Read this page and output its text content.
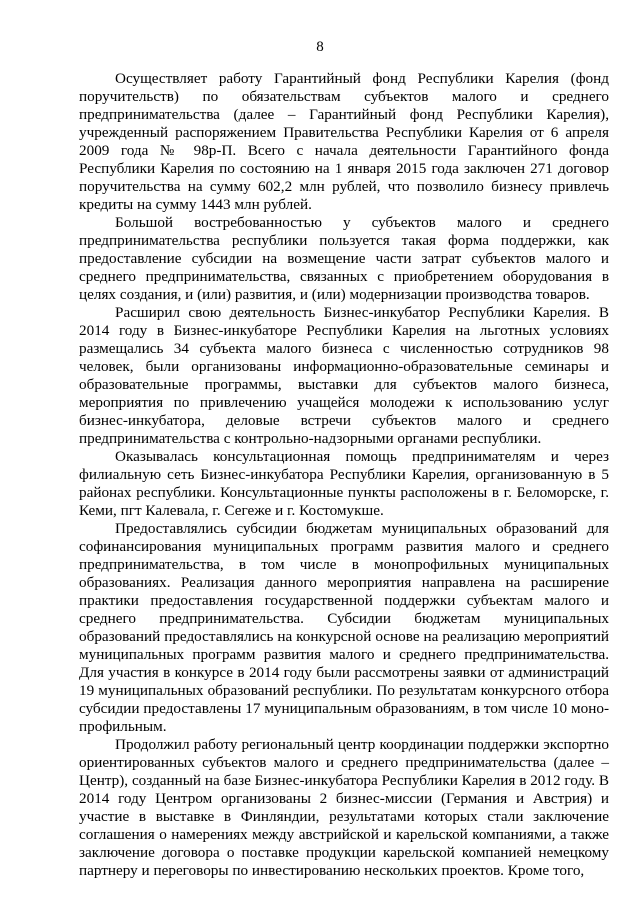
8

Осуществляет работу Гарантийный фонд Республики Карелия (фонд поручительств) по обязательствам субъектов малого и среднего предпринимательства (далее – Гарантийный фонд Республики Карелия), учрежденный распоряжением Правительства Республики Карелия от 6 апреля 2009 года № 98р-П. Всего с начала деятельности Гарантийного фонда Республики Карелия по состоянию на 1 января 2015 года заключен 271 договор поручительства на сумму 602,2 млн рублей, что позволило бизнесу привлечь кредиты на сумму 1443 млн рублей.

Большой востребованностью у субъектов малого и среднего предпринимательства республики пользуется такая форма поддержки, как предоставление субсидии на возмещение части затрат субъектов малого и среднего предпринимательства, связанных с приобретением оборудования в целях создания, и (или) развития, и (или) модернизации производства товаров.

Расширил свою деятельность Бизнес-инкубатор Республики Карелия. В 2014 году в Бизнес-инкубаторе Республики Карелия на льготных условиях размещались 34 субъекта малого бизнеса с численностью сотрудников 98 человек, были организованы информационно-образовательные семинары и образовательные программы, выставки для субъектов малого бизнеса, мероприятия по привлечению учащейся молодежи к использованию услуг бизнес-инкубатора, деловые встречи субъектов малого и среднего предпринимательства с контрольно-надзорными органами республики.

Оказывалась консультационная помощь предпринимателям и через филиальную сеть Бизнес-инкубатора Республики Карелия, организованную в 5 районах республики. Консультационные пункты расположены в г. Беломорске, г. Кеми, пгт Калевала, г. Сегеже и г. Костомукше.

Предоставлялись субсидии бюджетам муниципальных образований для софинансирования муниципальных программ развития малого и среднего предпринимательства, в том числе в монопрофильных муниципальных образованиях. Реализация данного мероприятия направлена на расширение практики предоставления государственной поддержки субъектам малого и среднего предпринимательства. Субсидии бюджетам муниципальных образований предоставлялись на конкурсной основе на реализацию мероприятий муниципальных программ развития малого и среднего предпринимательства. Для участия в конкурсе в 2014 году были рассмотрены заявки от администраций 19 муниципальных образований республики. По результатам конкурсного отбора субсидии предоставлены 17 муниципальным образованиям, в том числе 10 моно-профильным.

Продолжил работу региональный центр координации поддержки экспортно ориентированных субъектов малого и среднего предпринимательства (далее – Центр), созданный на базе Бизнес-инкубатора Республики Карелия в 2012 году. В 2014 году Центром организованы 2 бизнес-миссии (Германия и Австрия) и участие в выставке в Финляндии, результатами которых стали заключение соглашения о намерениях между австрийской и карельской компаниями, а также заключение договора о поставке продукции карельской компанией немецкому партнеру и переговоры по инвестированию нескольких проектов. Кроме того,
